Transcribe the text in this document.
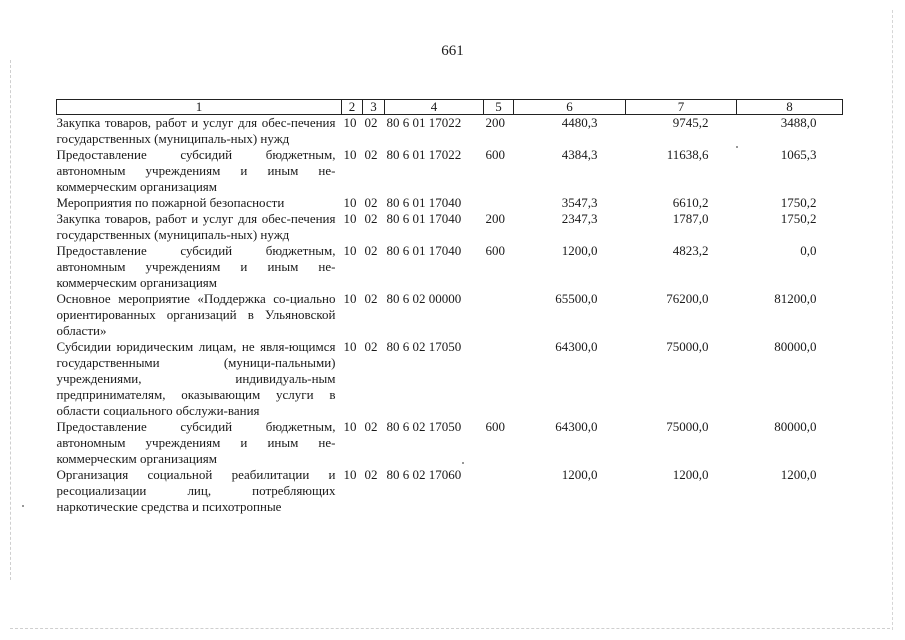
661
1	2	3	4	5	6	7	8
Закупка товаров, работ и услуг для обес-печения государственных (муниципаль-ных) нужд	10	02	80 6 01 17022	200	4480,3	9745,2	3488,0
Предоставление субсидий бюджетным, автономным учреждениям и иным не-коммерческим организациям	10	02	80 6 01 17022	600	4384,3	11638,6	1065,3
Мероприятия по пожарной безопасности	10	02	80 6 01 17040		3547,3	6610,2	1750,2
Закупка товаров, работ и услуг для обес-печения государственных (муниципаль-ных) нужд	10	02	80 6 01 17040	200	2347,3	1787,0	1750,2
Предоставление субсидий бюджетным, автономным учреждениям и иным не-коммерческим организациям	10	02	80 6 01 17040	600	1200,0	4823,2	0,0
Основное мероприятие «Поддержка со-циально ориентированных организаций в Ульяновской области»	10	02	80 6 02 00000		65500,0	76200,0	81200,0
Субсидии юридическим лицам, не явля-ющимся государственными (муници-пальными) учреждениями, индивидуаль-ным предпринимателям, оказывающим услуги в области социального обслужи-вания	10	02	80 6 02 17050		64300,0	75000,0	80000,0
Предоставление субсидий бюджетным, автономным учреждениям и иным не-коммерческим организациям	10	02	80 6 02 17050	600	64300,0	75000,0	80000,0
Организация социальной реабилитации и ресоциализации лиц, потребляющих наркотические средства и психотропные	10	02	80 6 02 17060		1200,0	1200,0	1200,0
